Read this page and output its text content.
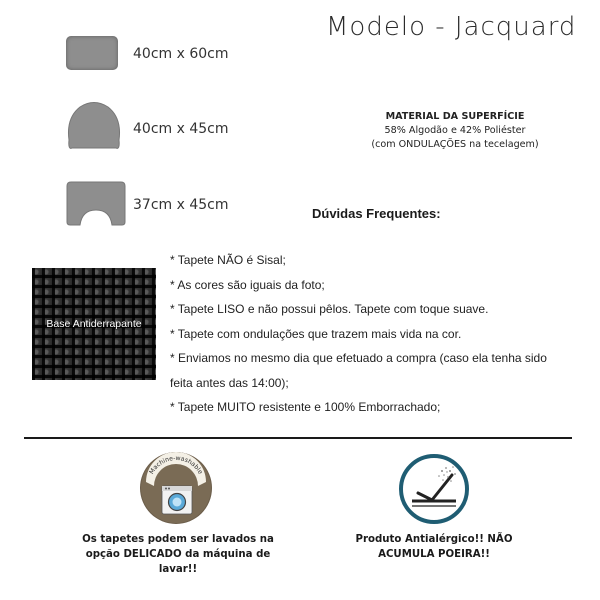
Modelo - Jacquard
40cm x 60cm
40cm x 45cm
37cm x 45cm
MATERIAL DA SUPERFÍCIE
58% Algodão e 42% Poliéster
(com ONDULAÇÕES na tecelagem)
Dúvidas Frequentes:
Base Antiderrapante
* Tapete NÃO é Sisal;
* As cores são iguais da foto;
* Tapete LISO e não possui pêlos. Tapete com toque suave.
* Tapete com ondulações que trazem mais vida na cor.
* Enviamos no mesmo dia que efetuado a compra (caso ela tenha sido
feita antes das 14:00);
* Tapete MUITO resistente e 100% Emborrachado;
Machine-washable
Os tapetes podem ser lavados na
opção DELICADO da máquina de
lavar!!
Produto Antialérgico!! NÃO
ACUMULA POEIRA!!
